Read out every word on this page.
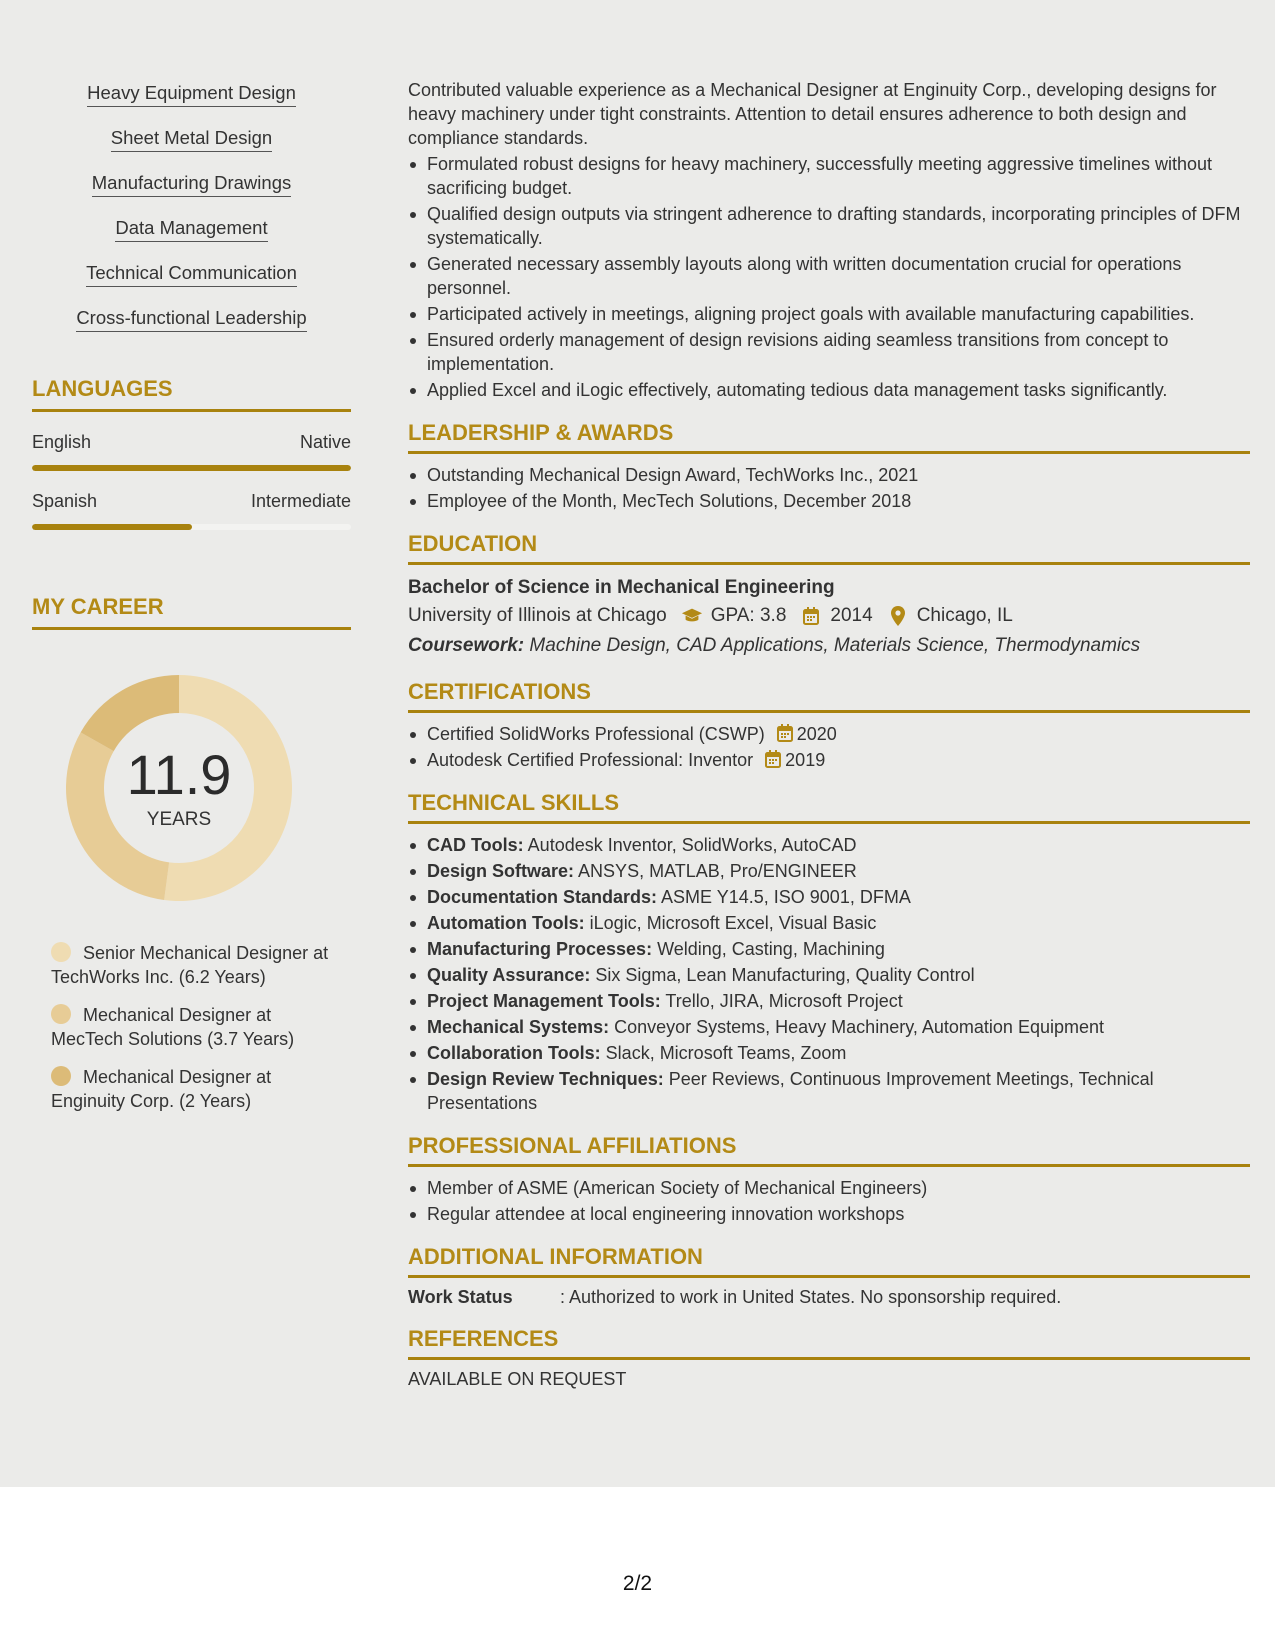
Heavy Equipment Design
Sheet Metal Design
Manufacturing Drawings
Data Management
Technical Communication
Cross-functional Leadership
LANGUAGES
English	Native
Spanish	Intermediate
MY CAREER
11.9
YEARS
Senior Mechanical Designer at TechWorks Inc. (6.2 Years)
Mechanical Designer at MecTech Solutions (3.7 Years)
Mechanical Designer at Enginuity Corp. (2 Years)

Contributed valuable experience as a Mechanical Designer at Enginuity Corp., developing designs for heavy machinery under tight constraints. Attention to detail ensures adherence to both design and compliance standards.

Formulated robust designs for heavy machinery, successfully meeting aggressive timelines without sacrificing budget.
Qualified design outputs via stringent adherence to drafting standards, incorporating principles of DFM systematically.
Generated necessary assembly layouts along with written documentation crucial for operations personnel.
Participated actively in meetings, aligning project goals with available manufacturing capabilities.
Ensured orderly management of design revisions aiding seamless transitions from concept to implementation.
Applied Excel and iLogic effectively, automating tedious data management tasks significantly.
LEADERSHIP & AWARDS
Outstanding Mechanical Design Award, TechWorks Inc., 2021
Employee of the Month, MecTech Solutions, December 2018
EDUCATION
Bachelor of Science in Mechanical Engineering
University of Illinois at Chicago GPA: 3.8 2014 Chicago, IL
Coursework: Machine Design, CAD Applications, Materials Science, Thermodynamics
CERTIFICATIONS
Certified SolidWorks Professional (CSWP) 2020
Autodesk Certified Professional: Inventor 2019
TECHNICAL SKILLS
CAD Tools: Autodesk Inventor, SolidWorks, AutoCAD
Design Software: ANSYS, MATLAB, Pro/ENGINEER
Documentation Standards: ASME Y14.5, ISO 9001, DFMA
Automation Tools: iLogic, Microsoft Excel, Visual Basic
Manufacturing Processes: Welding, Casting, Machining
Quality Assurance: Six Sigma, Lean Manufacturing, Quality Control
Project Management Tools: Trello, JIRA, Microsoft Project
Mechanical Systems: Conveyor Systems, Heavy Machinery, Automation Equipment
Collaboration Tools: Slack, Microsoft Teams, Zoom
Design Review Techniques: Peer Reviews, Continuous Improvement Meetings, Technical Presentations
PROFESSIONAL AFFILIATIONS
Member of ASME (American Society of Mechanical Engineers)
Regular attendee at local engineering innovation workshops
ADDITIONAL INFORMATION
Work Status	: Authorized to work in United States. No sponsorship required.
REFERENCES
AVAILABLE ON REQUEST
2/2
